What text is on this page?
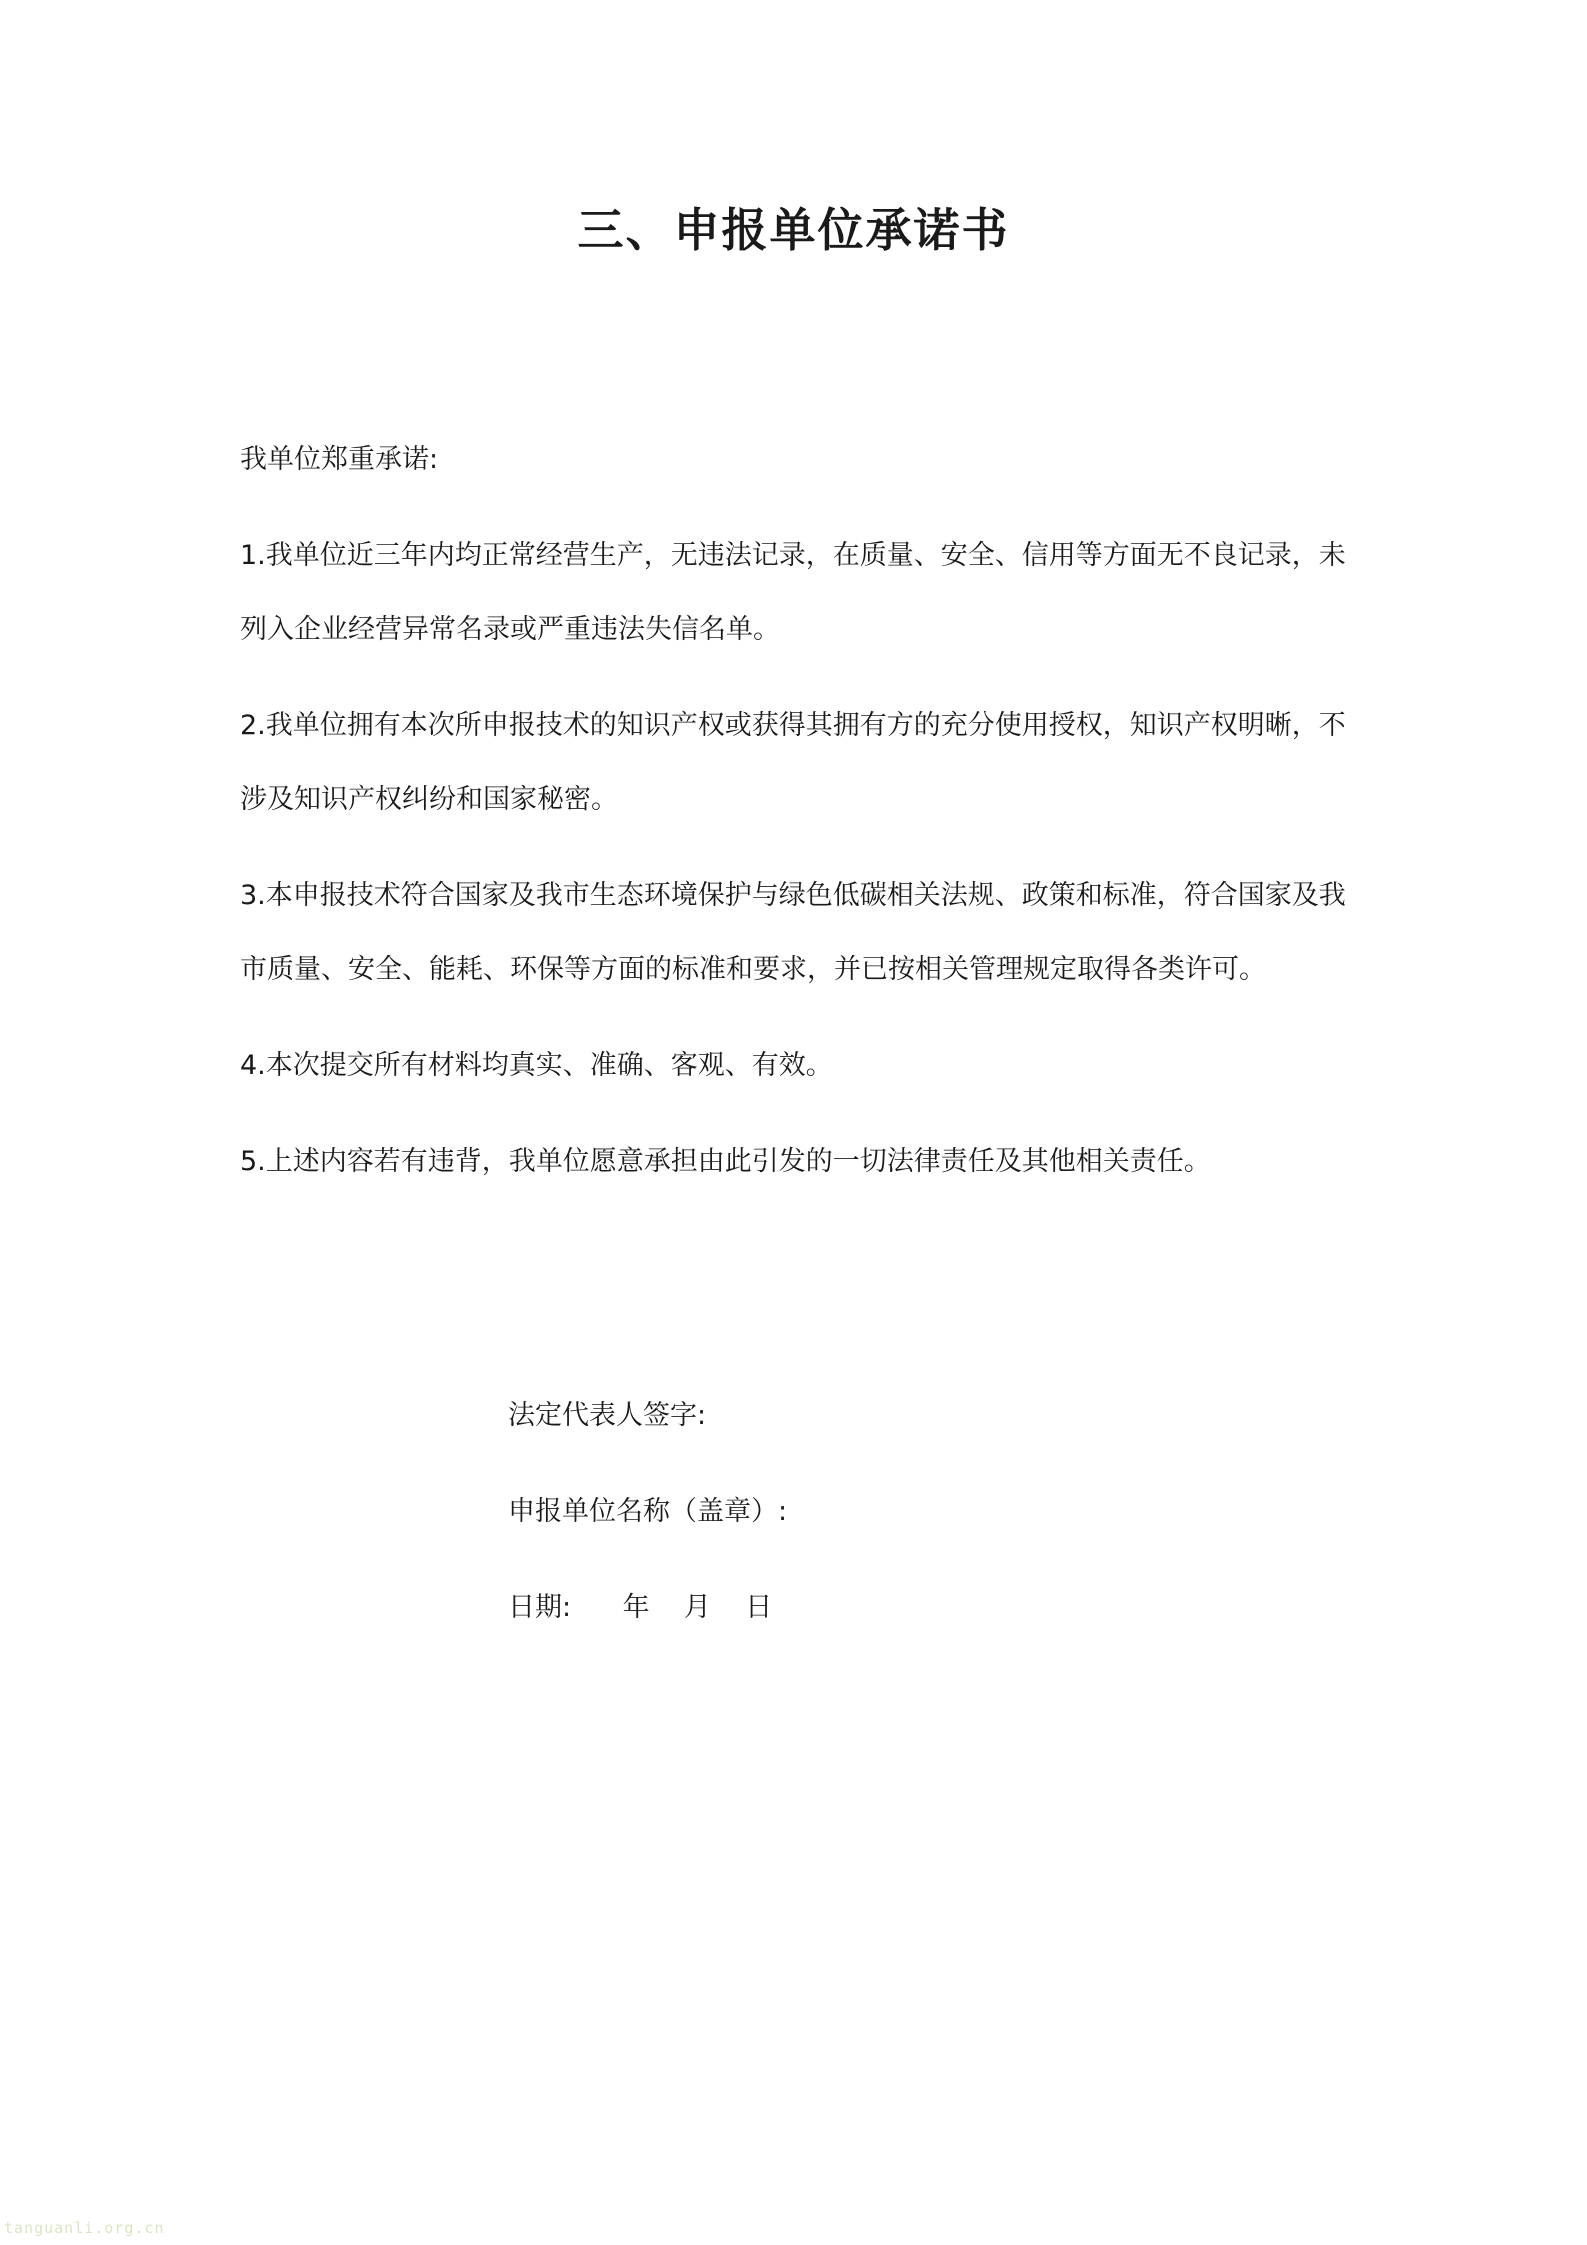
三、申报单位承诺书

我单位郑重承诺:

1.我单位近三年内均正常经营生产，无违法记录，在质量、安全、信用等方面无不良记录，未列入企业经营异常名录或严重违法失信名单。

2.我单位拥有本次所申报技术的知识产权或获得其拥有方的充分使用授权，知识产权明晰，不涉及知识产权纠纷和国家秘密。

3.本申报技术符合国家及我市生态环境保护与绿色低碳相关法规、政策和标准，符合国家及我市质量、安全、能耗、环保等方面的标准和要求，并已按相关管理规定取得各类许可。

4.本次提交所有材料均真实、准确、客观、有效。

5.上述内容若有违背，我单位愿意承担由此引发的一切法律责任及其他相关责任。

法定代表人签字:
申报单位名称（盖章）:
日期:      年    月    日
tanguanli.org.cn
